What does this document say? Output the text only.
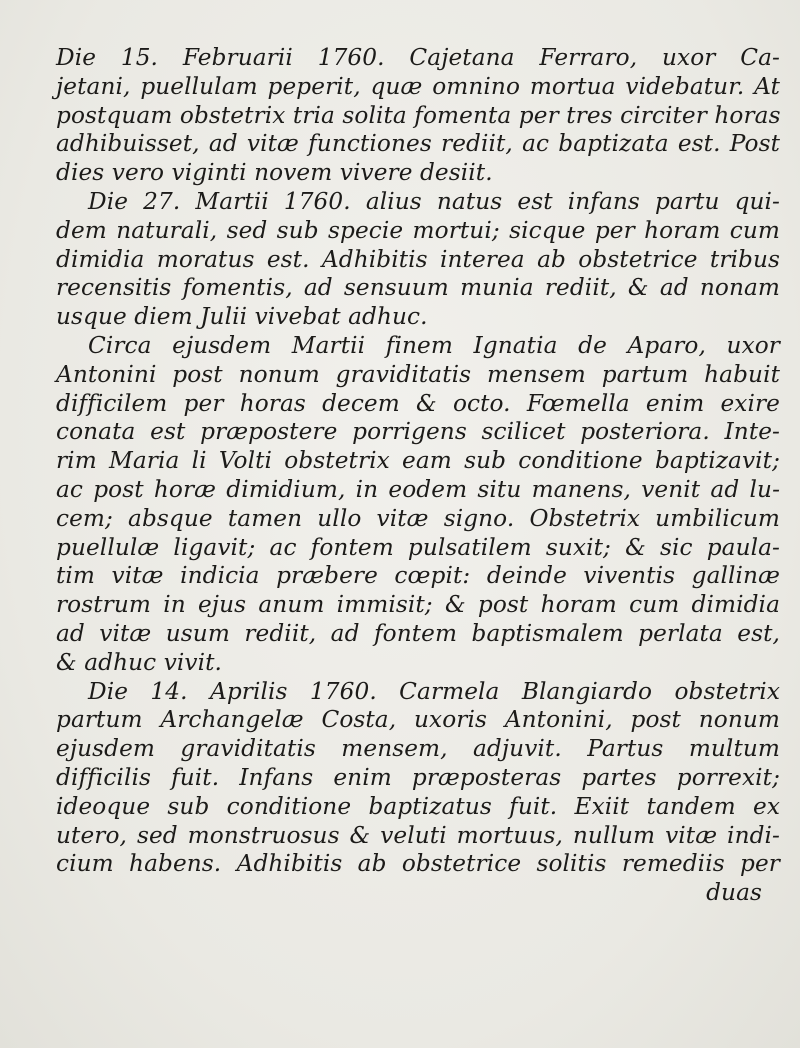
Die 15. Februarii 1760. Cajetana Ferraro, uxor Ca-
jetani, puellulam peperit, quæ omnino mortua videbatur. At
postquam obstetrix tria solita fomenta per tres circiter horas
adhibuisset, ad vitæ functiones rediit, ac baptizata est. Post
dies vero viginti novem vivere desiit.
Die 27. Martii 1760. alius natus est infans partu qui-
dem naturali, sed sub specie mortui; sicque per horam cum
dimidia moratus est. Adhibitis interea ab obstetrice tribus
recensitis fomentis, ad sensuum munia rediit, & ad nonam
usque diem Julii vivebat adhuc.
Circa ejusdem Martii finem Ignatia de Aparo, uxor
Antonini post nonum graviditatis mensem partum habuit
difficilem per horas decem & octo. Fœmella enim exire
conata est præpostere porrigens scilicet posteriora. Inte-
rim Maria li Volti obstetrix eam sub conditione baptizavit;
ac post horæ dimidium, in eodem situ manens, venit ad lu-
cem; absque tamen ullo vitæ signo. Obstetrix umbilicum
puellulæ ligavit; ac fontem pulsatilem suxit; & sic paula-
tim vitæ indicia præbere cœpit: deinde viventis gallinæ
rostrum in ejus anum immisit; & post horam cum dimidia
ad vitæ usum rediit, ad fontem baptismalem perlata est,
& adhuc vivit.
Die 14. Aprilis 1760. Carmela Blangiardo obstetrix
partum Archangelæ Costa, uxoris Antonini, post nonum
ejusdem graviditatis mensem, adjuvit. Partus multum
difficilis fuit. Infans enim præposteras partes porrexit;
ideoque sub conditione baptizatus fuit. Exiit tandem ex
utero, sed monstruosus & veluti mortuus, nullum vitæ indi-
cium habens. Adhibitis ab obstetrice solitis remediis per
duas
